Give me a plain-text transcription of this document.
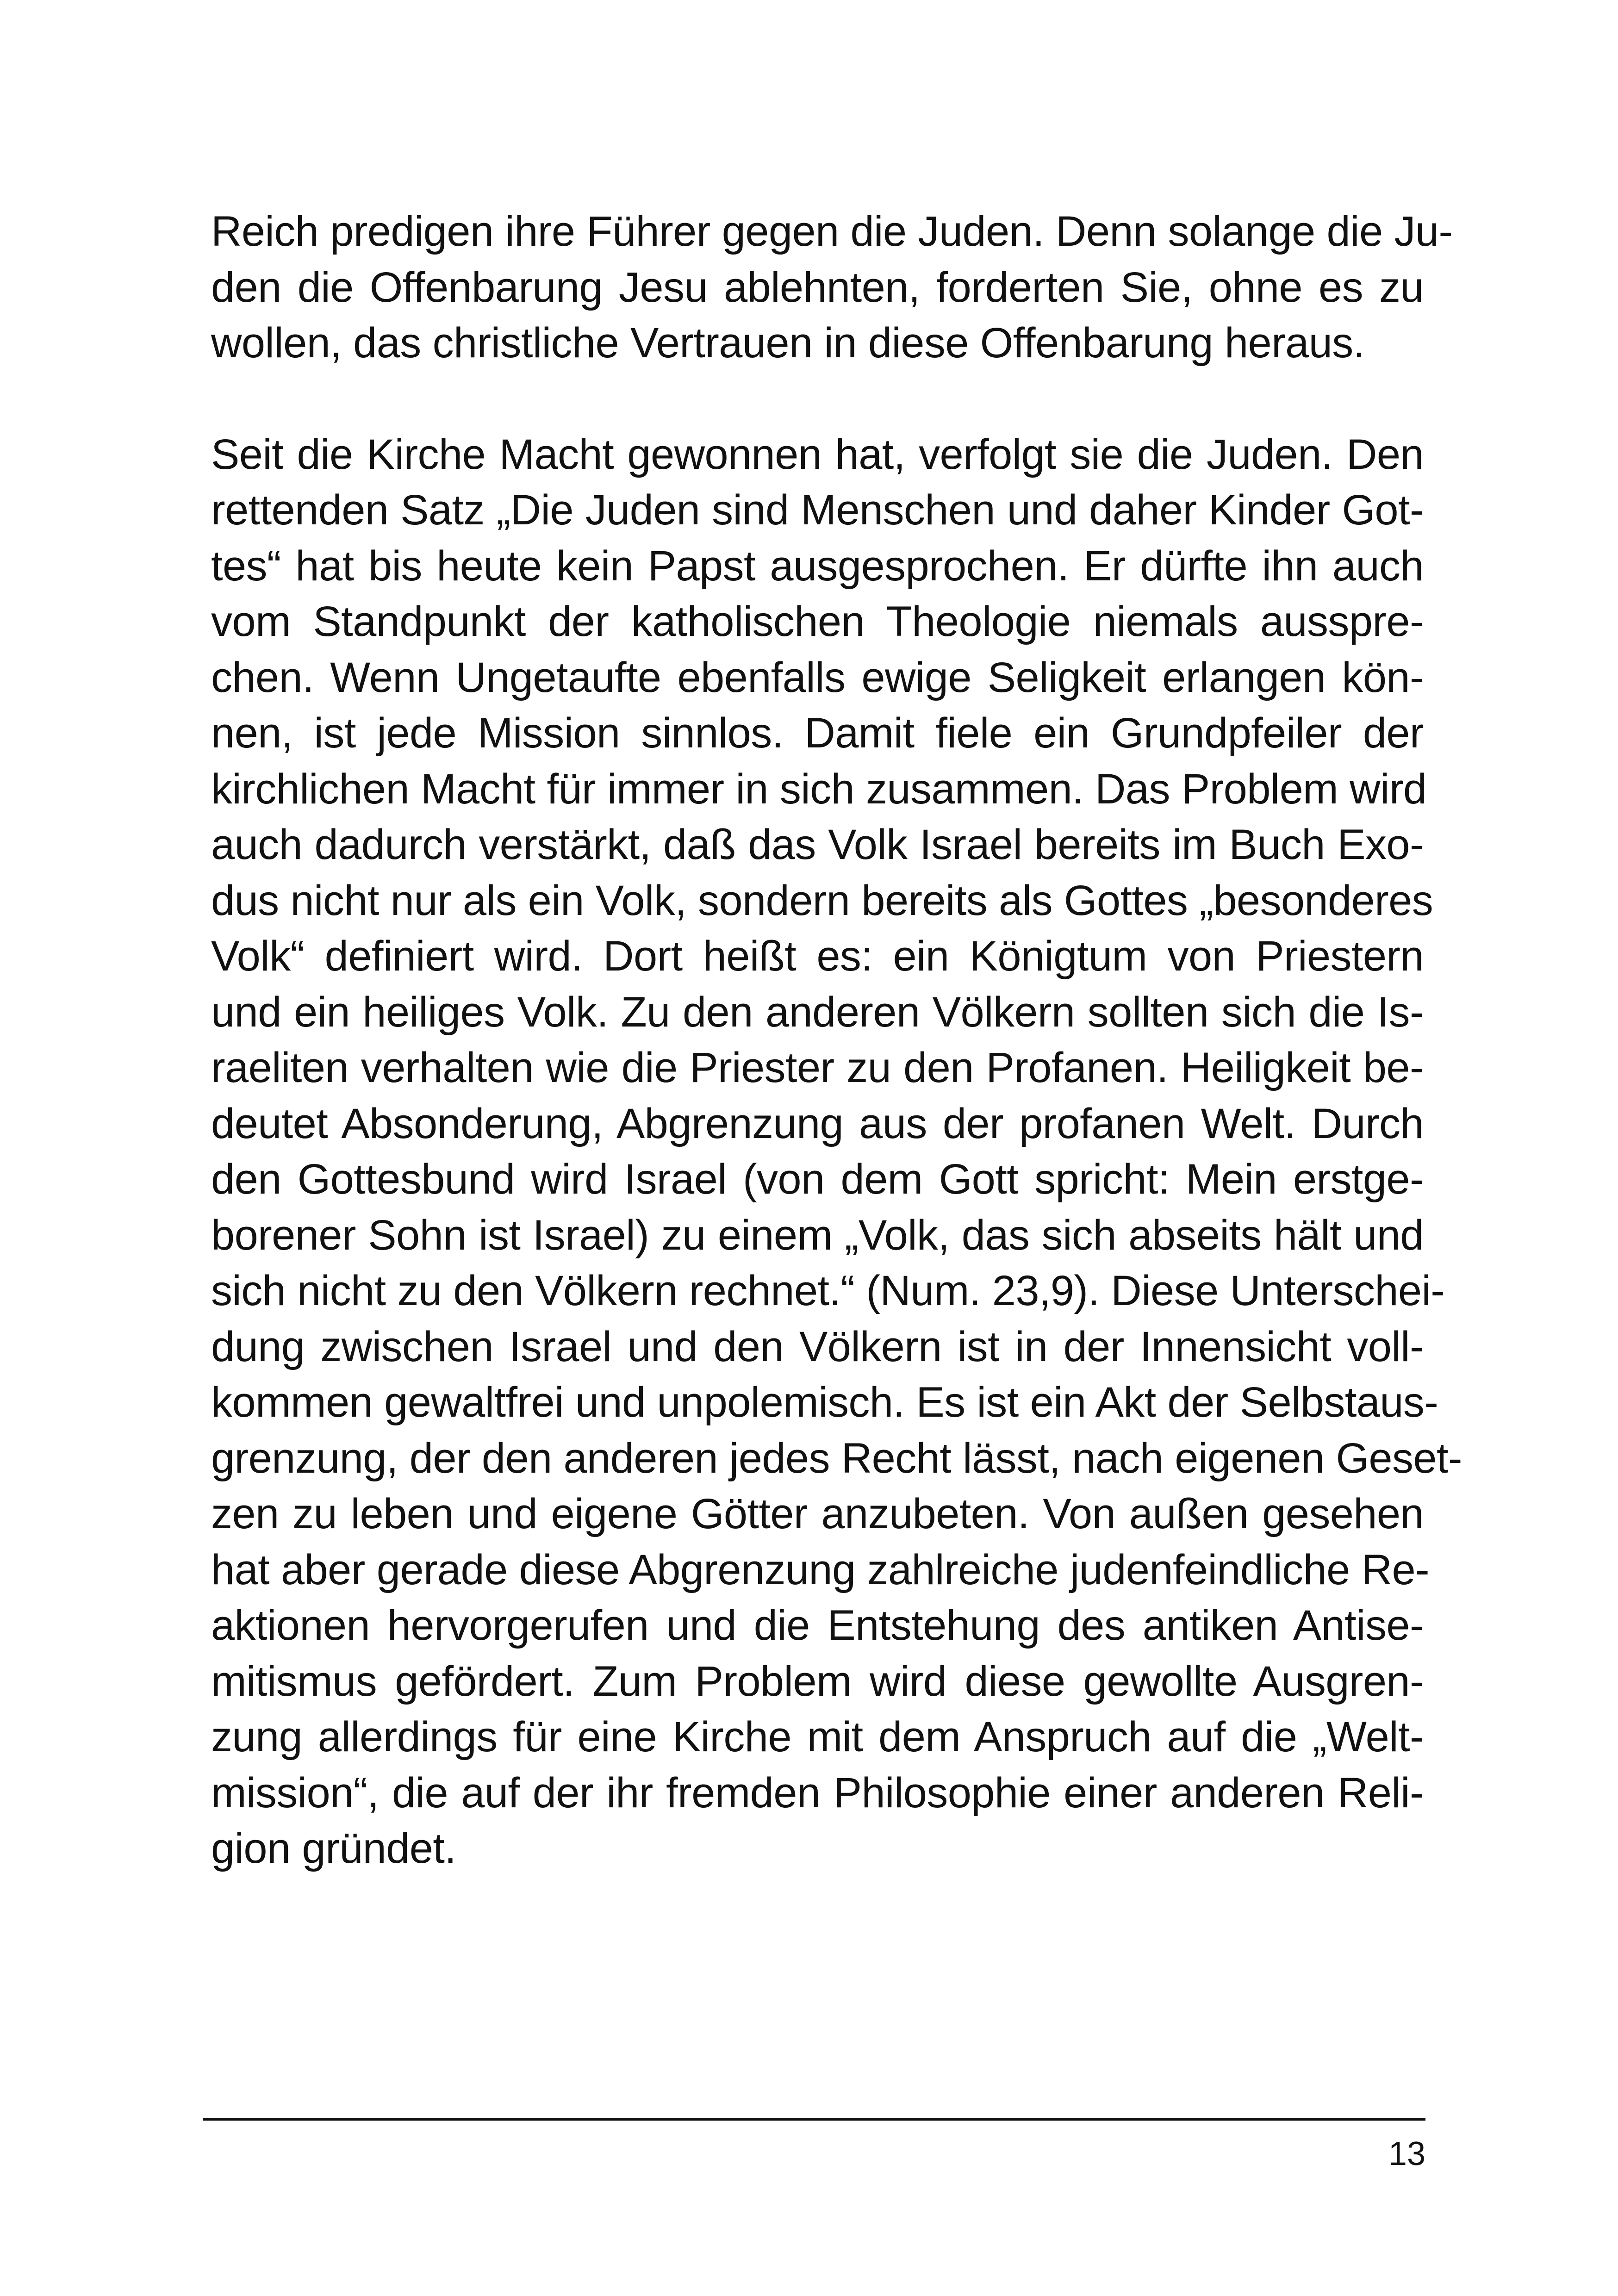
Reich predigen ihre Führer gegen die Juden. Denn solange die Ju-
den die Offenbarung Jesu ablehnten, forderten Sie, ohne es zu
wollen, das christliche Vertrauen in diese Offenbarung heraus.

Seit die Kirche Macht gewonnen hat, verfolgt sie die Juden. Den
rettenden Satz „Die Juden sind Menschen und daher Kinder Got-
tes“ hat bis heute kein Papst ausgesprochen. Er dürfte ihn auch
vom Standpunkt der katholischen Theologie niemals ausspre-
chen. Wenn Ungetaufte ebenfalls ewige Seligkeit erlangen kön-
nen, ist jede Mission sinnlos. Damit fiele ein Grundpfeiler der
kirchlichen Macht für immer in sich zusammen. Das Problem wird
auch dadurch verstärkt, daß das Volk Israel bereits im Buch Exo-
dus nicht nur als ein Volk, sondern bereits als Gottes „besonderes
Volk“ definiert wird. Dort heißt es: ein Königtum von Priestern
und ein heiliges Volk. Zu den anderen Völkern sollten sich die Is-
raeliten verhalten wie die Priester zu den Profanen. Heiligkeit be-
deutet Absonderung, Abgrenzung aus der profanen Welt. Durch
den Gottesbund wird Israel (von dem Gott spricht: Mein erstge-
borener Sohn ist Israel) zu einem „Volk, das sich abseits hält und
sich nicht zu den Völkern rechnet.“ (Num. 23,9). Diese Unterschei-
dung zwischen Israel und den Völkern ist in der Innensicht voll-
kommen gewaltfrei und unpolemisch. Es ist ein Akt der Selbstaus-
grenzung, der den anderen jedes Recht lässt, nach eigenen Geset-
zen zu leben und eigene Götter anzubeten. Von außen gesehen
hat aber gerade diese Abgrenzung zahlreiche judenfeindliche Re-
aktionen hervorgerufen und die Entstehung des antiken Antise-
mitismus gefördert. Zum Problem wird diese gewollte Ausgren-
zung allerdings für eine Kirche mit dem Anspruch auf die „Welt-
mission“, die auf der ihr fremden Philosophie einer anderen Reli-
gion gründet.

13
